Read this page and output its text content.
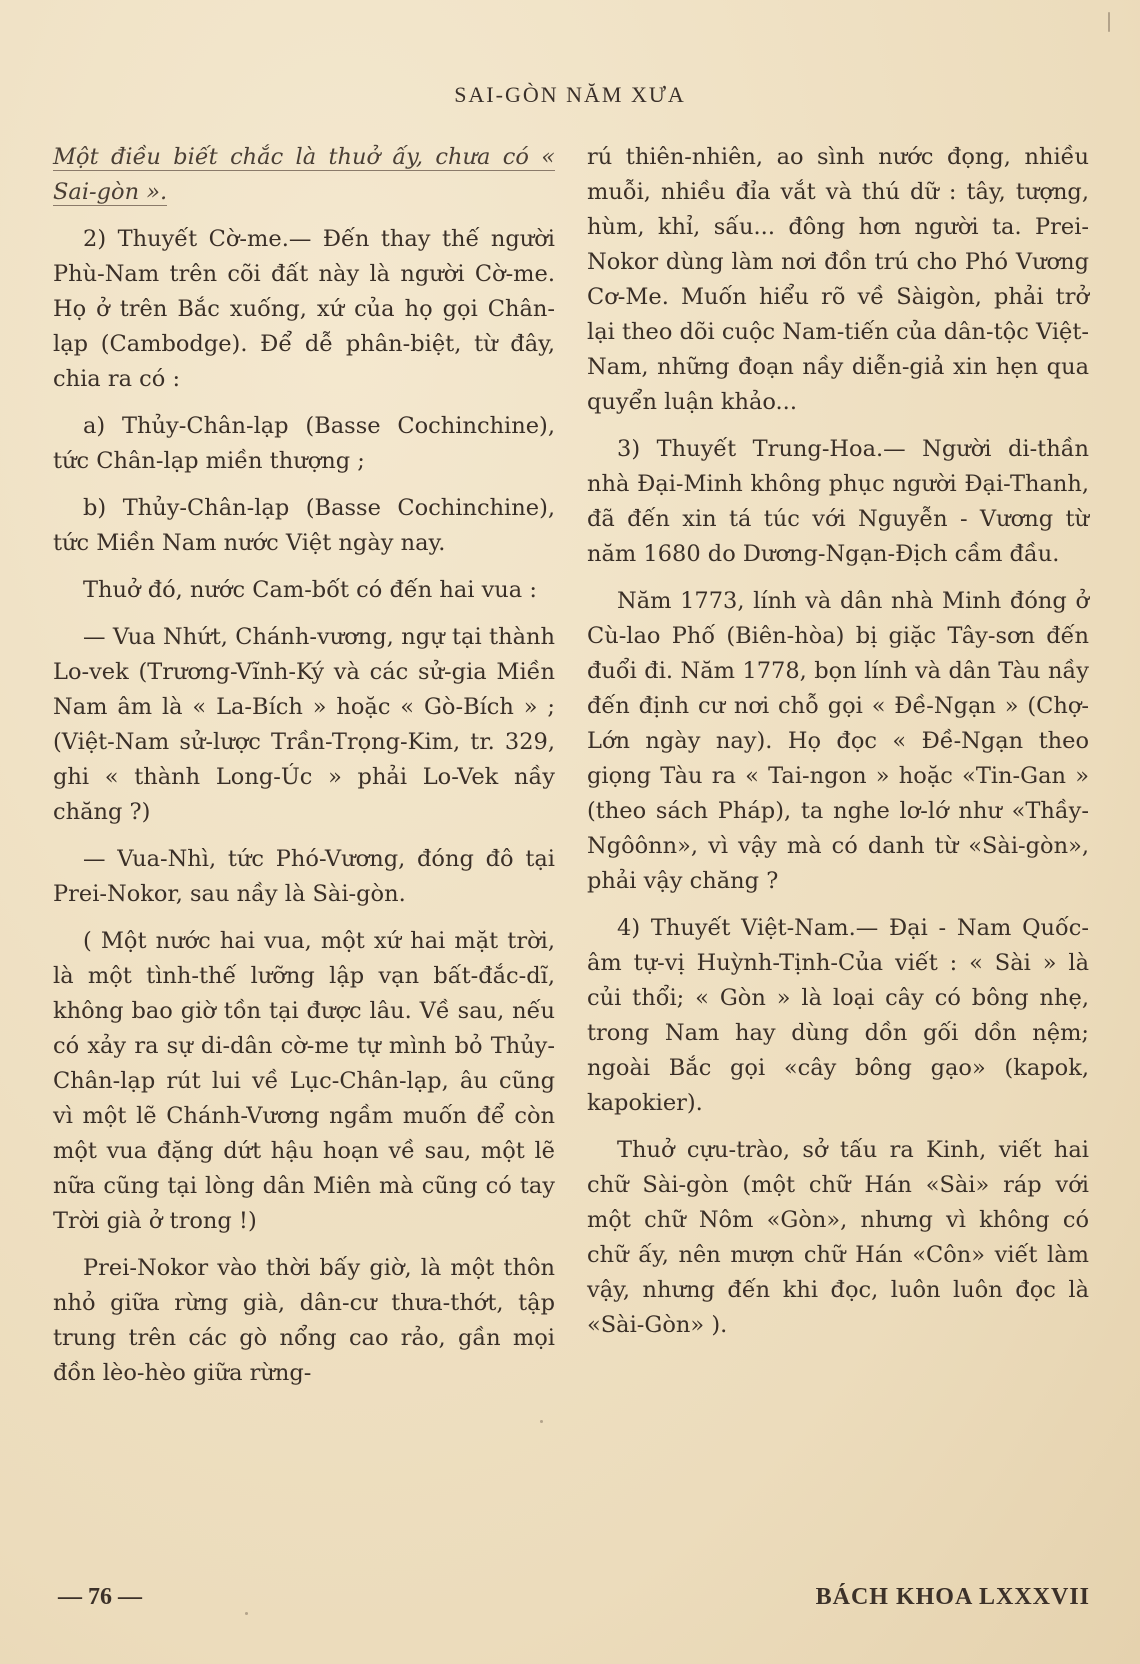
SAI-GÒN NĂM XƯA

Một điều biết chắc là thuở ấy, chưa có « Sai-gòn ».

2) Thuyết Cờ-me.— Đến thay thế người Phù-Nam trên cõi đất này là người Cờ-me. Họ ở trên Bắc xuống, xứ của họ gọi Chân-lạp (Cambodge). Để dễ phân-biệt, từ đây, chia ra có :

a) Thủy-Chân-lạp (Basse Cochinchine), tức Chân-lạp miền thượng ;

b) Thủy-Chân-lạp (Basse Cochinchine), tức Miền Nam nước Việt ngày nay.

Thuở đó, nước Cam-bốt có đến hai vua :

— Vua Nhứt, Chánh-vương, ngự tại thành Lo-vek (Trương-Vĩnh-Ký và các sử-gia Miền Nam âm là « La-Bích » hoặc « Gò-Bích » ; (Việt-Nam sử-lược Trần-Trọng-Kim, tr. 329, ghi « thành Long-Úc » phải Lo-Vek nầy chăng ?)

— Vua-Nhì, tức Phó-Vương, đóng đô tại Prei-Nokor, sau nầy là Sài-gòn.

( Một nước hai vua, một xứ hai mặt trời, là một tình-thế lưỡng lập vạn bất-đắc-dĩ, không bao giờ tồn tại được lâu. Về sau, nếu có xảy ra sự di-dân cờ-me tự mình bỏ Thủy-Chân-lạp rút lui về Lục-Chân-lạp, âu cũng vì một lẽ Chánh-Vương ngầm muốn để còn một vua đặng dứt hậu hoạn về sau, một lẽ nữa cũng tại lòng dân Miên mà cũng có tay Trời già ở trong !)

Prei-Nokor vào thời bấy giờ, là một thôn nhỏ giữa rừng già, dân-cư thưa-thớt, tập trung trên các gò nổng cao rảo, gần mọi đồn lèo-hèo giữa rừng-

rú thiên-nhiên, ao sình nước đọng, nhiều muỗi, nhiều đỉa vắt và thú dữ : tây, tượng, hùm, khỉ, sấu... đông hơn người ta. Prei-Nokor dùng làm nơi đồn trú cho Phó Vương Cơ-Me. Muốn hiểu rõ về Sàigòn, phải trở lại theo dõi cuộc Nam-tiến của dân-tộc Việt-Nam, những đoạn nầy diễn-giả xin hẹn qua quyển luận khảo...

3) Thuyết Trung-Hoa.— Người di-thần nhà Đại-Minh không phục người Đại-Thanh, đã đến xin tá túc với Nguyễn - Vương từ năm 1680 do Dương-Ngạn-Địch cầm đầu.

Năm 1773, lính và dân nhà Minh đóng ở Cù-lao Phố (Biên-hòa) bị giặc Tây-sơn đến đuổi đi. Năm 1778, bọn lính và dân Tàu nầy đến định cư nơi chỗ gọi « Đề-Ngạn » (Chợ-Lớn ngày nay). Họ đọc « Đề-Ngạn theo giọng Tàu ra « Tai-ngon » hoặc «Tin-Gan » (theo sách Pháp), ta nghe lơ-lớ như «Thầy-Ngôônn», vì vậy mà có danh từ «Sài-gòn», phải vậy chăng ?

4) Thuyết Việt-Nam.— Đại - Nam Quốc-âm tự-vị Huỳnh-Tịnh-Của viết : « Sài » là củi thổi; « Gòn » là loại cây có bông nhẹ, trong Nam hay dùng dồn gối dồn nệm; ngoài Bắc gọi «cây bông gạo» (kapok, kapokier).

Thuở cựu-trào, sở tấu ra Kinh, viết hai chữ Sài-gòn (một chữ Hán «Sài» ráp với một chữ Nôm «Gòn», nhưng vì không có chữ ấy, nên mượn chữ Hán «Côn» viết làm vậy, nhưng đến khi đọc, luôn luôn đọc là «Sài-Gòn» ).

— 76 —	BÁCH KHOA LXXXVII
